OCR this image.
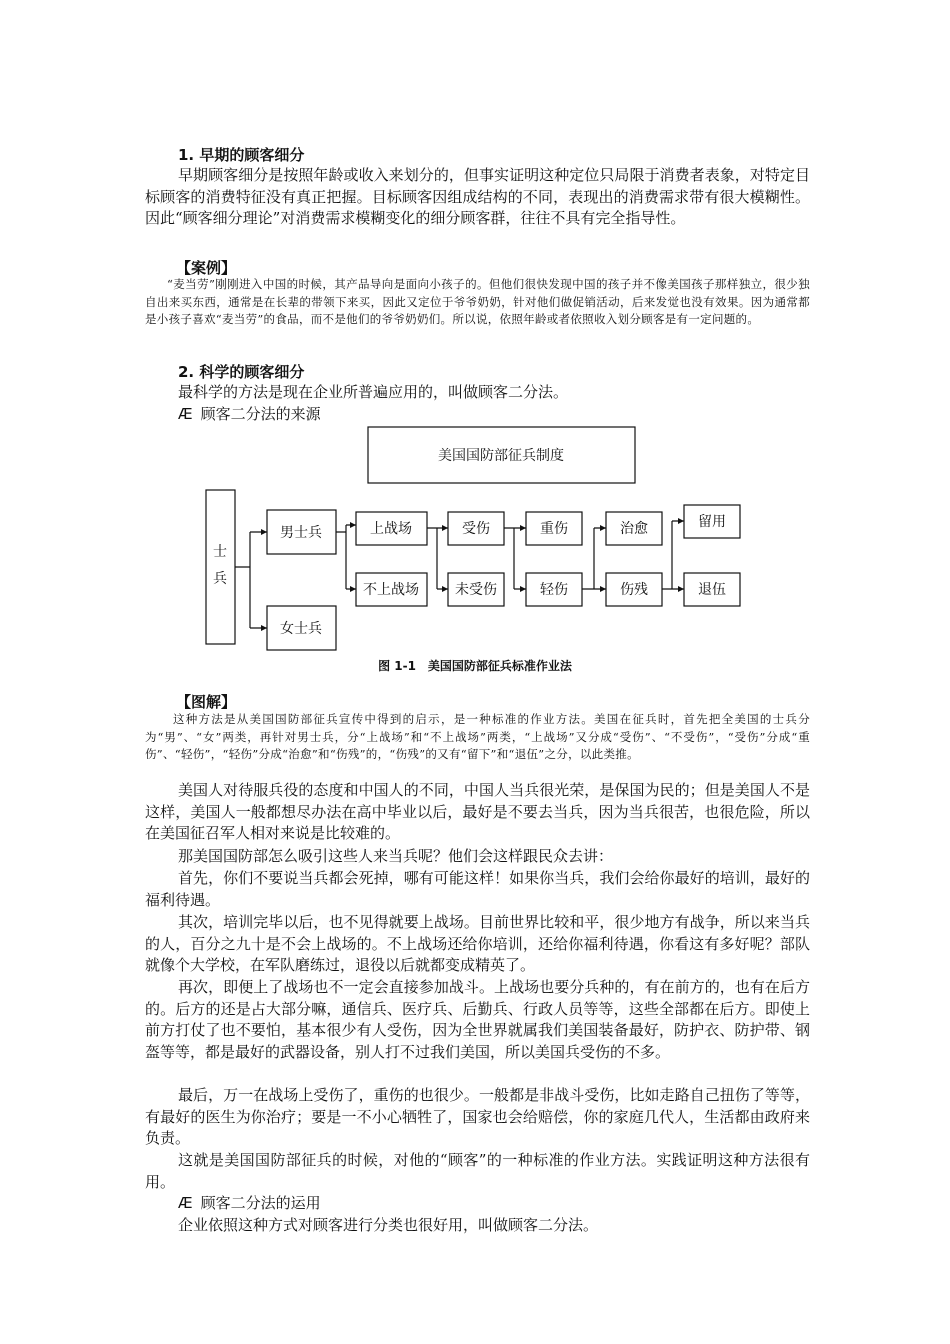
1. 早期的顾客细分

早期顾客细分是按照年龄或收入来划分的，但事实证明这种定位只局限于消费者表象，对特定目标顾客的消费特征没有真正把握。目标顾客因组成结构的不同，表现出的消费需求带有很大模糊性。因此“顾客细分理论”对消费需求模糊变化的细分顾客群，往往不具有完全指导性。

【案例】

“麦当劳”刚刚进入中国的时候，其产品导向是面向小孩子的。但他们很快发现中国的孩子并不像美国孩子那样独立，很少独自出来买东西，通常是在长辈的带领下来买，因此又定位于爷爷奶奶，针对他们做促销活动，后来发觉也没有效果。因为通常都是小孩子喜欢“麦当劳”的食品，而不是他们的爷爷奶奶们。所以说，依照年龄或者依照收入划分顾客是有一定问题的。

2. 科学的顾客细分
最科学的方法是现在企业所普遍应用的，叫做顾客二分法。
Æ 顾客二分法的来源
美国国防部征兵制度
士
兵
男士兵
女士兵
上战场
不上战场
受伤
未受伤
重伤
轻伤
治愈
伤残
留用
退伍
图 1-1　美国国防部征兵标准作业法
【图解】

这种方法是从美国国防部征兵宣传中得到的启示，是一种标准的作业方法。美国在征兵时，首先把全美国的士兵分为“男”、“女”两类，再针对男士兵，分“上战场”和“不上战场”两类，“上战场”又分成“受伤”、“不受伤”，“受伤”分成“重伤”、“轻伤”，“轻伤”分成“治愈”和“伤残”的，“伤残”的又有“留下”和“退伍”之分，以此类推。

美国人对待服兵役的态度和中国人的不同，中国人当兵很光荣，是保国为民的；但是美国人不是这样，美国人一般都想尽办法在高中毕业以后，最好是不要去当兵，因为当兵很苦，也很危险，所以在美国征召军人相对来说是比较难的。

那美国国防部怎么吸引这些人来当兵呢？他们会这样跟民众去讲：

首先，你们不要说当兵都会死掉，哪有可能这样！如果你当兵，我们会给你最好的培训，最好的福利待遇。

其次，培训完毕以后，也不见得就要上战场。目前世界比较和平，很少地方有战争，所以来当兵的人，百分之九十是不会上战场的。不上战场还给你培训，还给你福利待遇，你看这有多好呢？部队就像个大学校，在军队磨练过，退役以后就都变成精英了。

再次，即便上了战场也不一定会直接参加战斗。上战场也要分兵种的，有在前方的，也有在后方的。后方的还是占大部分嘛，通信兵、医疗兵、后勤兵、行政人员等等，这些全部都在后方。即使上前方打仗了也不要怕，基本很少有人受伤，因为全世界就属我们美国装备最好，防护衣、防护带、钢盔等等，都是最好的武器设备，别人打不过我们美国，所以美国兵受伤的不多。

最后，万一在战场上受伤了，重伤的也很少。一般都是非战斗受伤，比如走路自己扭伤了等等，有最好的医生为你治疗；要是一不小心牺牲了，国家也会给赔偿，你的家庭几代人，生活都由政府来负责。

这就是美国国防部征兵的时候，对他的“顾客”的一种标准的作业方法。实践证明这种方法很有用。

Æ 顾客二分法的运用
企业依照这种方式对顾客进行分类也很好用，叫做顾客二分法。
